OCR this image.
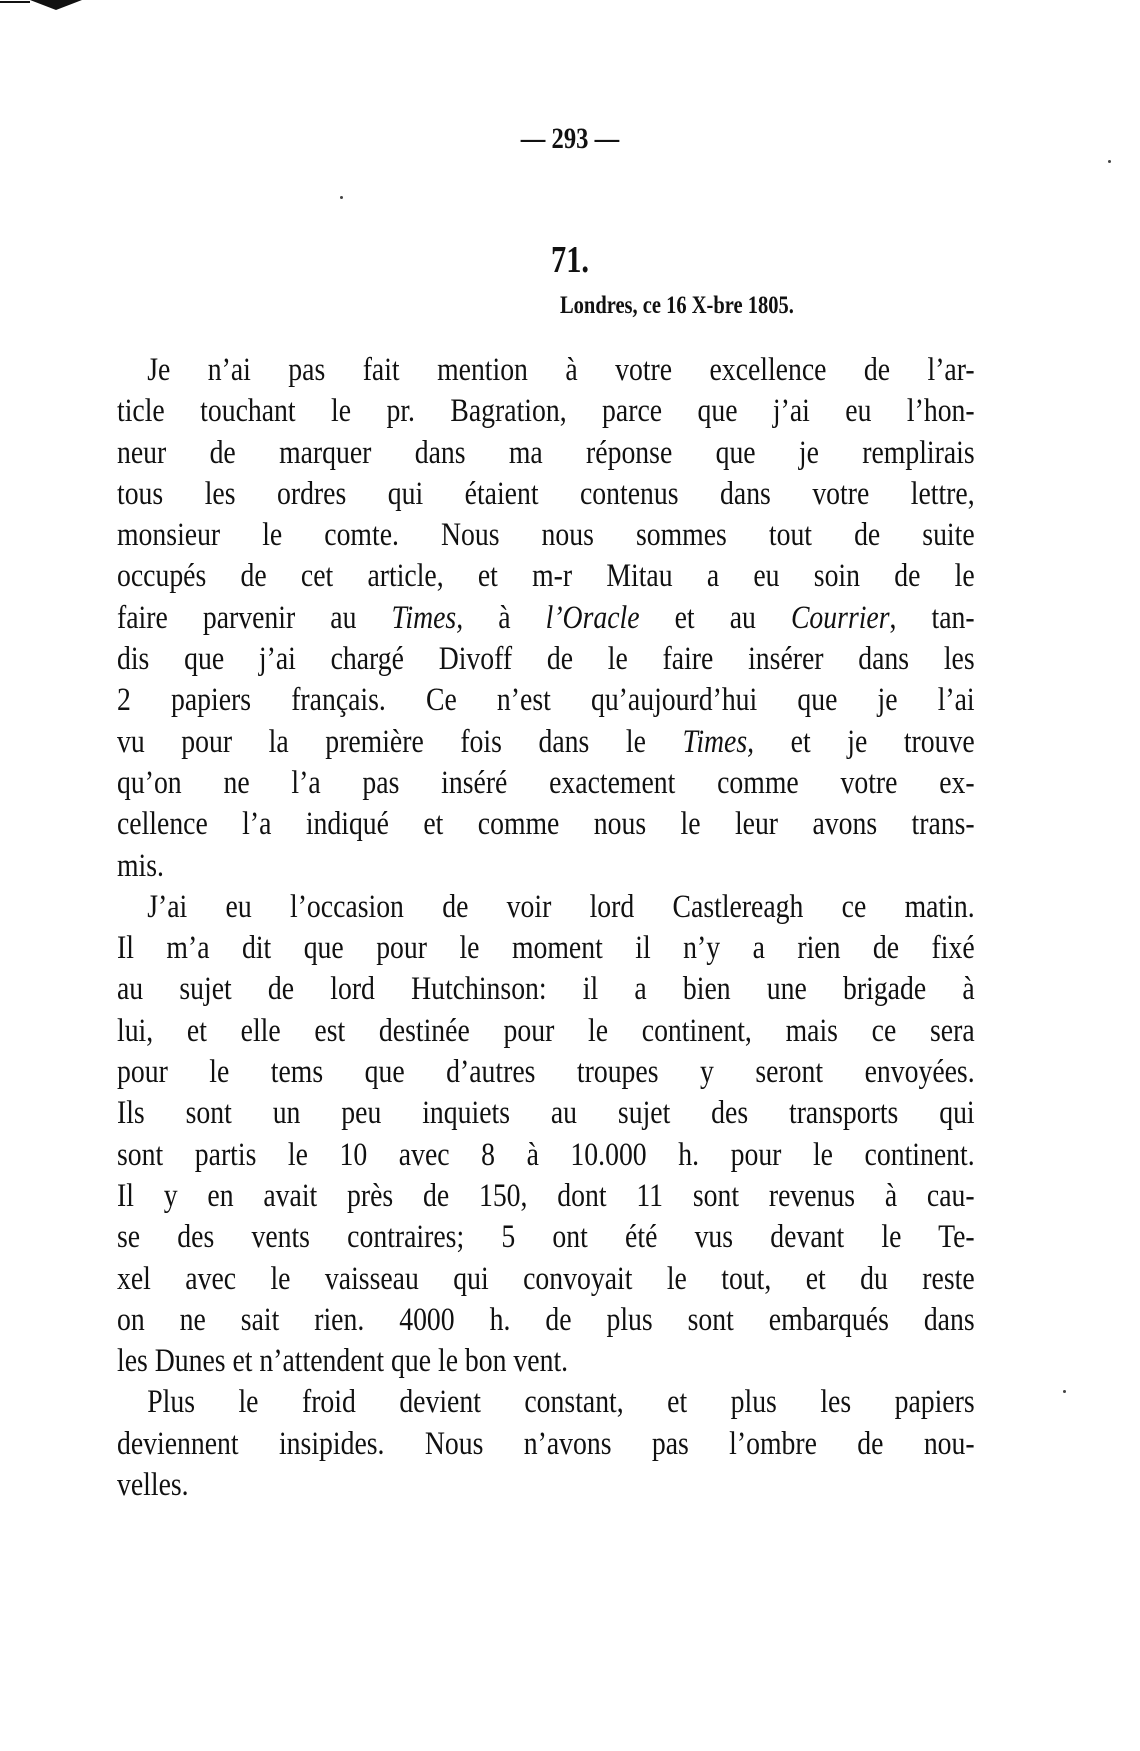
— 293 —
71.
Londres, ce 16 X-bre 1805.
Je n’ai pas fait mention à votre excellence de l’ar-
ticle touchant le pr. Bagration, parce que j’ai eu l’hon-
neur de marquer dans ma réponse que je remplirais
tous les ordres qui étaient contenus dans votre lettre,
monsieur le comte. Nous nous sommes tout de suite
occupés de cet article, et m-r Mitau a eu soin de le
faire parvenir au Times, à l’Oracle et au Courrier, tan-
dis que j’ai chargé Divoff de le faire insérer dans les
2 papiers français. Ce n’est qu’aujourd’hui que je l’ai
vu pour la première fois dans le Times, et je trouve
qu’on ne l’a pas inséré exactement comme votre ex-
cellence l’a indiqué et comme nous le leur avons trans-
mis.
J’ai eu l’occasion de voir lord Castlereagh ce matin.
Il m’a dit que pour le moment il n’y a rien de fixé
au sujet de lord Hutchinson: il a bien une brigade à
lui, et elle est destinée pour le continent, mais ce sera
pour le tems que d’autres troupes y seront envoyées.
Ils sont un peu inquiets au sujet des transports qui
sont partis le 10 avec 8 à 10.000 h. pour le continent.
Il y en avait près de 150, dont 11 sont revenus à cau-
se des vents contraires; 5 ont été vus devant le Te-
xel avec le vaisseau qui convoyait le tout, et du reste
on ne sait rien. 4000 h. de plus sont embarqués dans
les Dunes et n’attendent que le bon vent.
Plus le froid devient constant, et plus les papiers
deviennent insipides. Nous n’avons pas l’ombre de nou-
velles.
